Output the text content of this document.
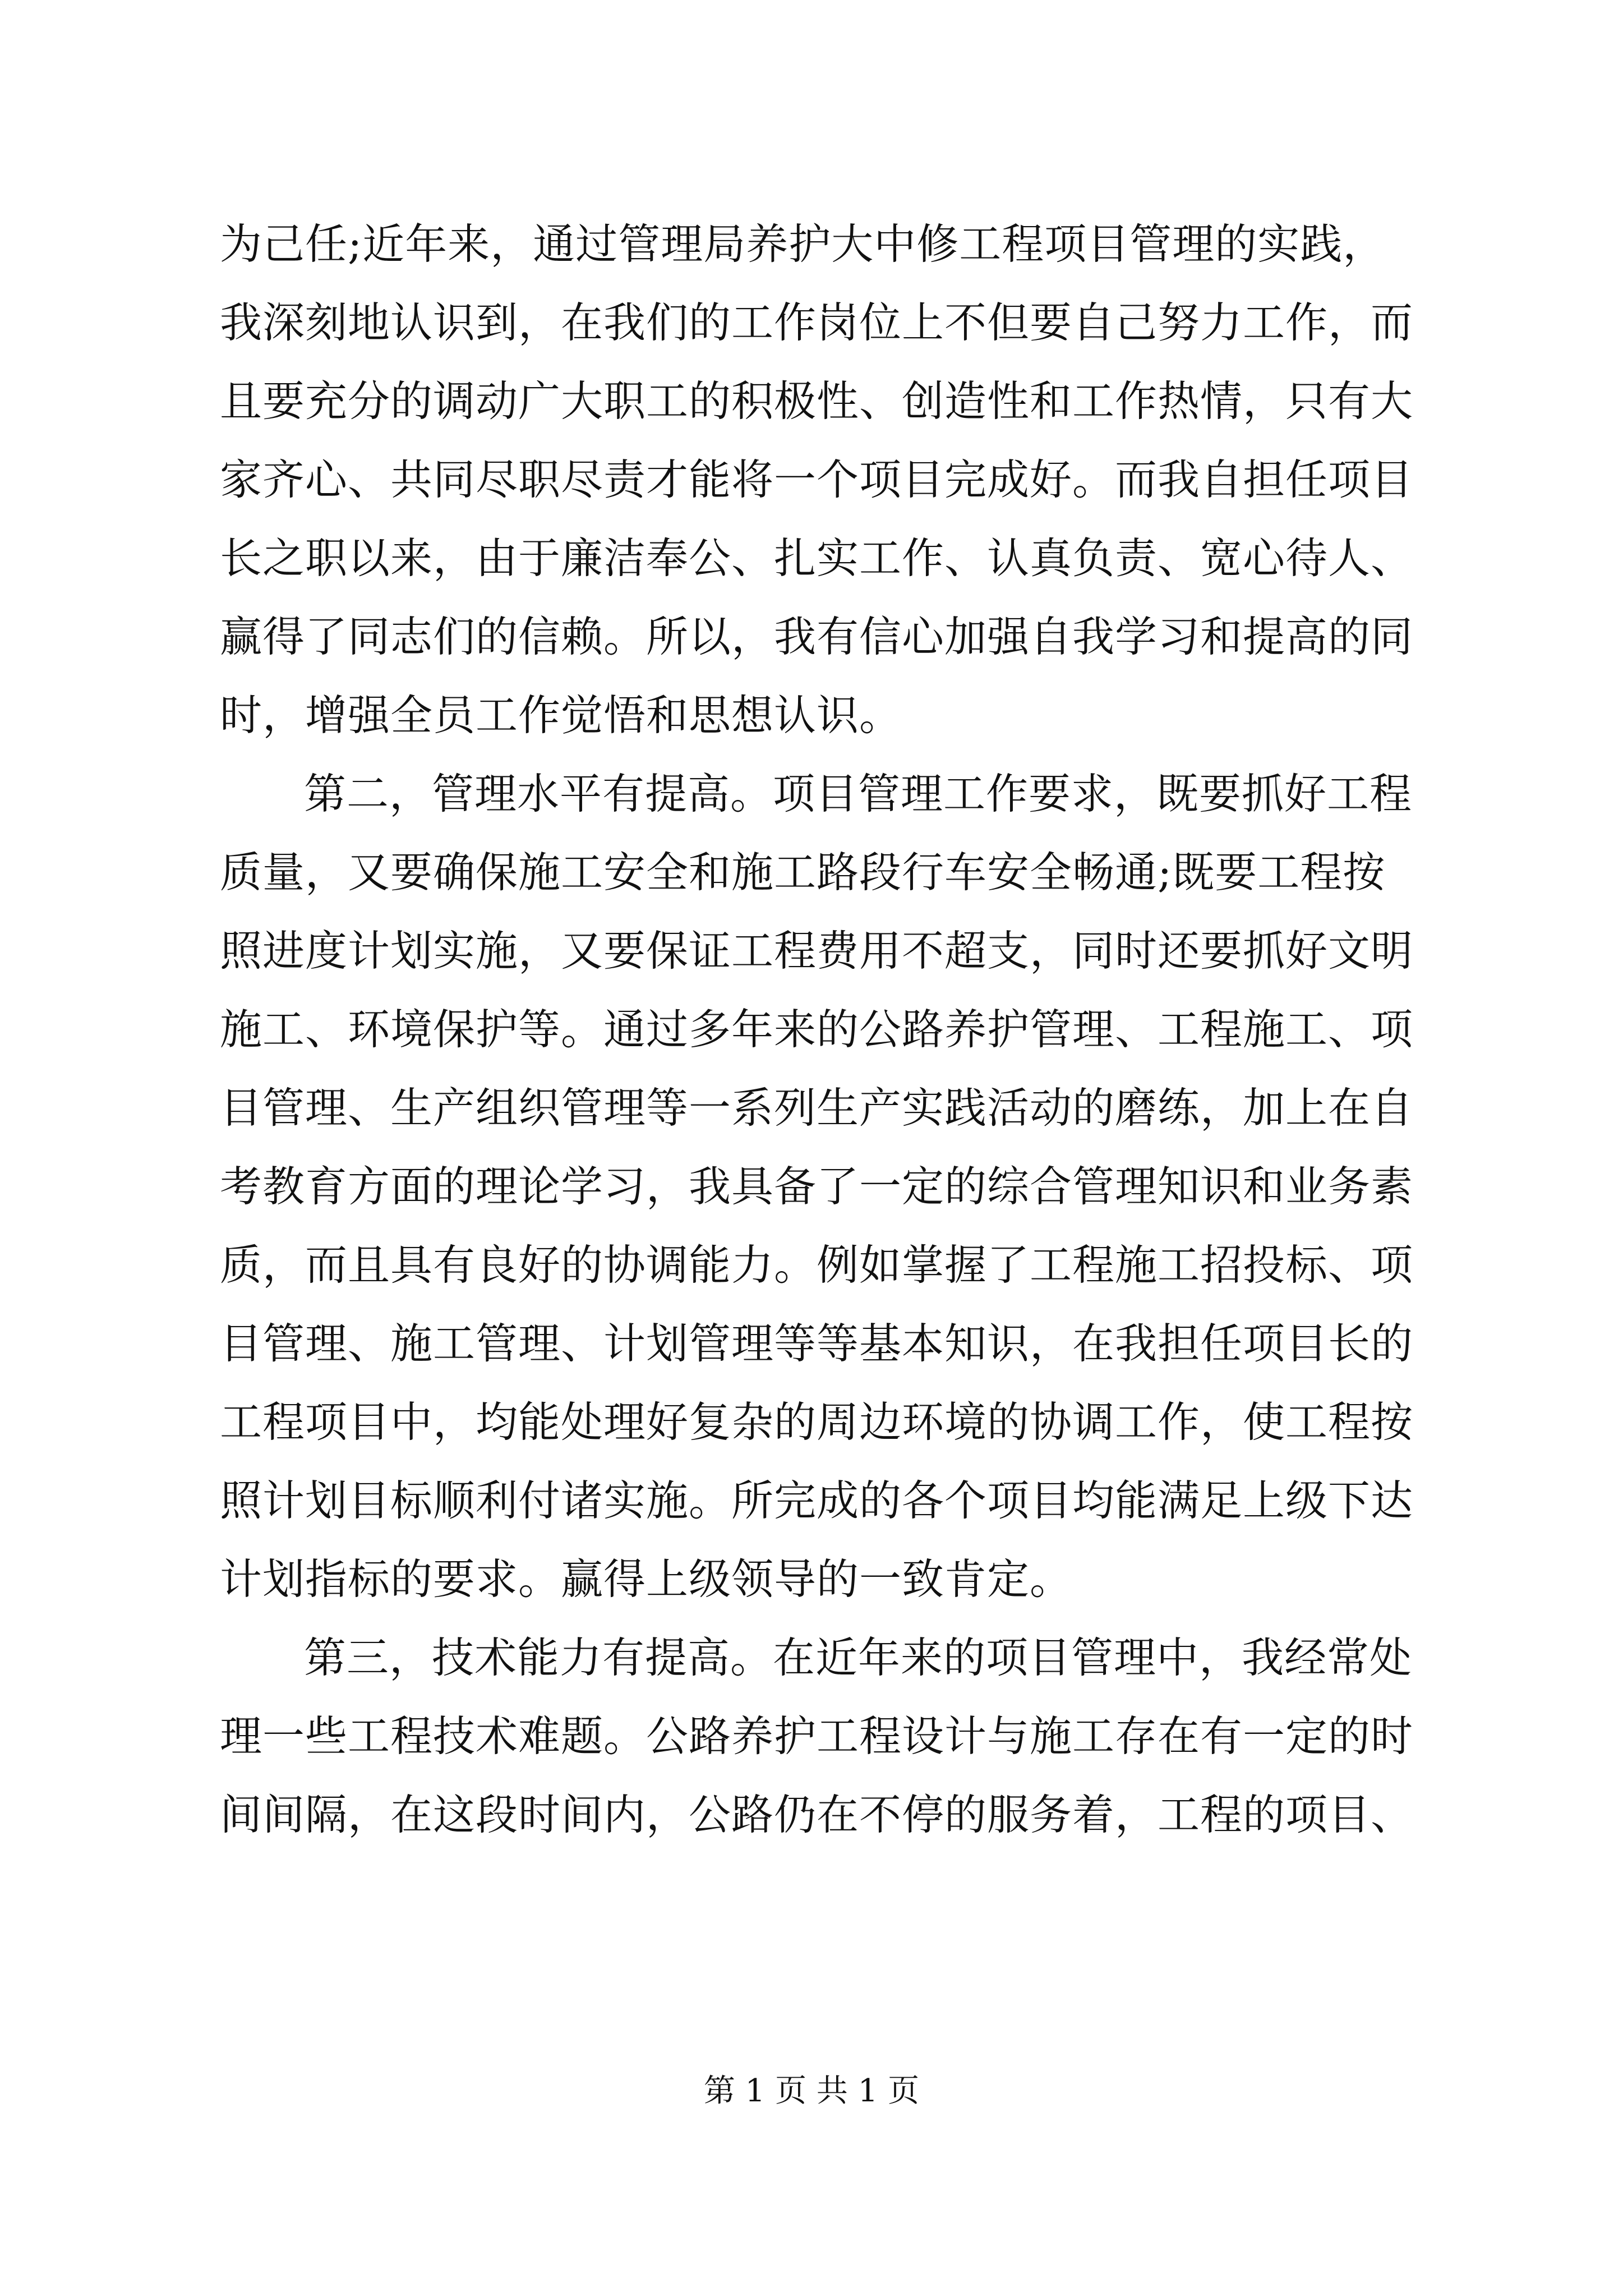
为己任;近年来，通过管理局养护大中修工程项目管理的实践，
我深刻地认识到，在我们的工作岗位上不但要自己努力工作，而
且要充分的调动广大职工的积极性、创造性和工作热情，只有大
家齐心、共同尽职尽责才能将一个项目完成好。而我自担任项目
长之职以来，由于廉洁奉公、扎实工作、认真负责、宽心待人、
赢得了同志们的信赖。所以，我有信心加强自我学习和提高的同
时，增强全员工作觉悟和思想认识。
第二，管理水平有提高。项目管理工作要求，既要抓好工程
质量，又要确保施工安全和施工路段行车安全畅通;既要工程按
照进度计划实施，又要保证工程费用不超支，同时还要抓好文明
施工、环境保护等。通过多年来的公路养护管理、工程施工、项
目管理、生产组织管理等一系列生产实践活动的磨练，加上在自
考教育方面的理论学习，我具备了一定的综合管理知识和业务素
质，而且具有良好的协调能力。例如掌握了工程施工招投标、项
目管理、施工管理、计划管理等等基本知识，在我担任项目长的
工程项目中，均能处理好复杂的周边环境的协调工作，使工程按
照计划目标顺利付诸实施。所完成的各个项目均能满足上级下达
计划指标的要求。赢得上级领导的一致肯定。
第三，技术能力有提高。在近年来的项目管理中，我经常处
理一些工程技术难题。公路养护工程设计与施工存在有一定的时
间间隔，在这段时间内，公路仍在不停的服务着，工程的项目、
第 1 页 共 1 页
